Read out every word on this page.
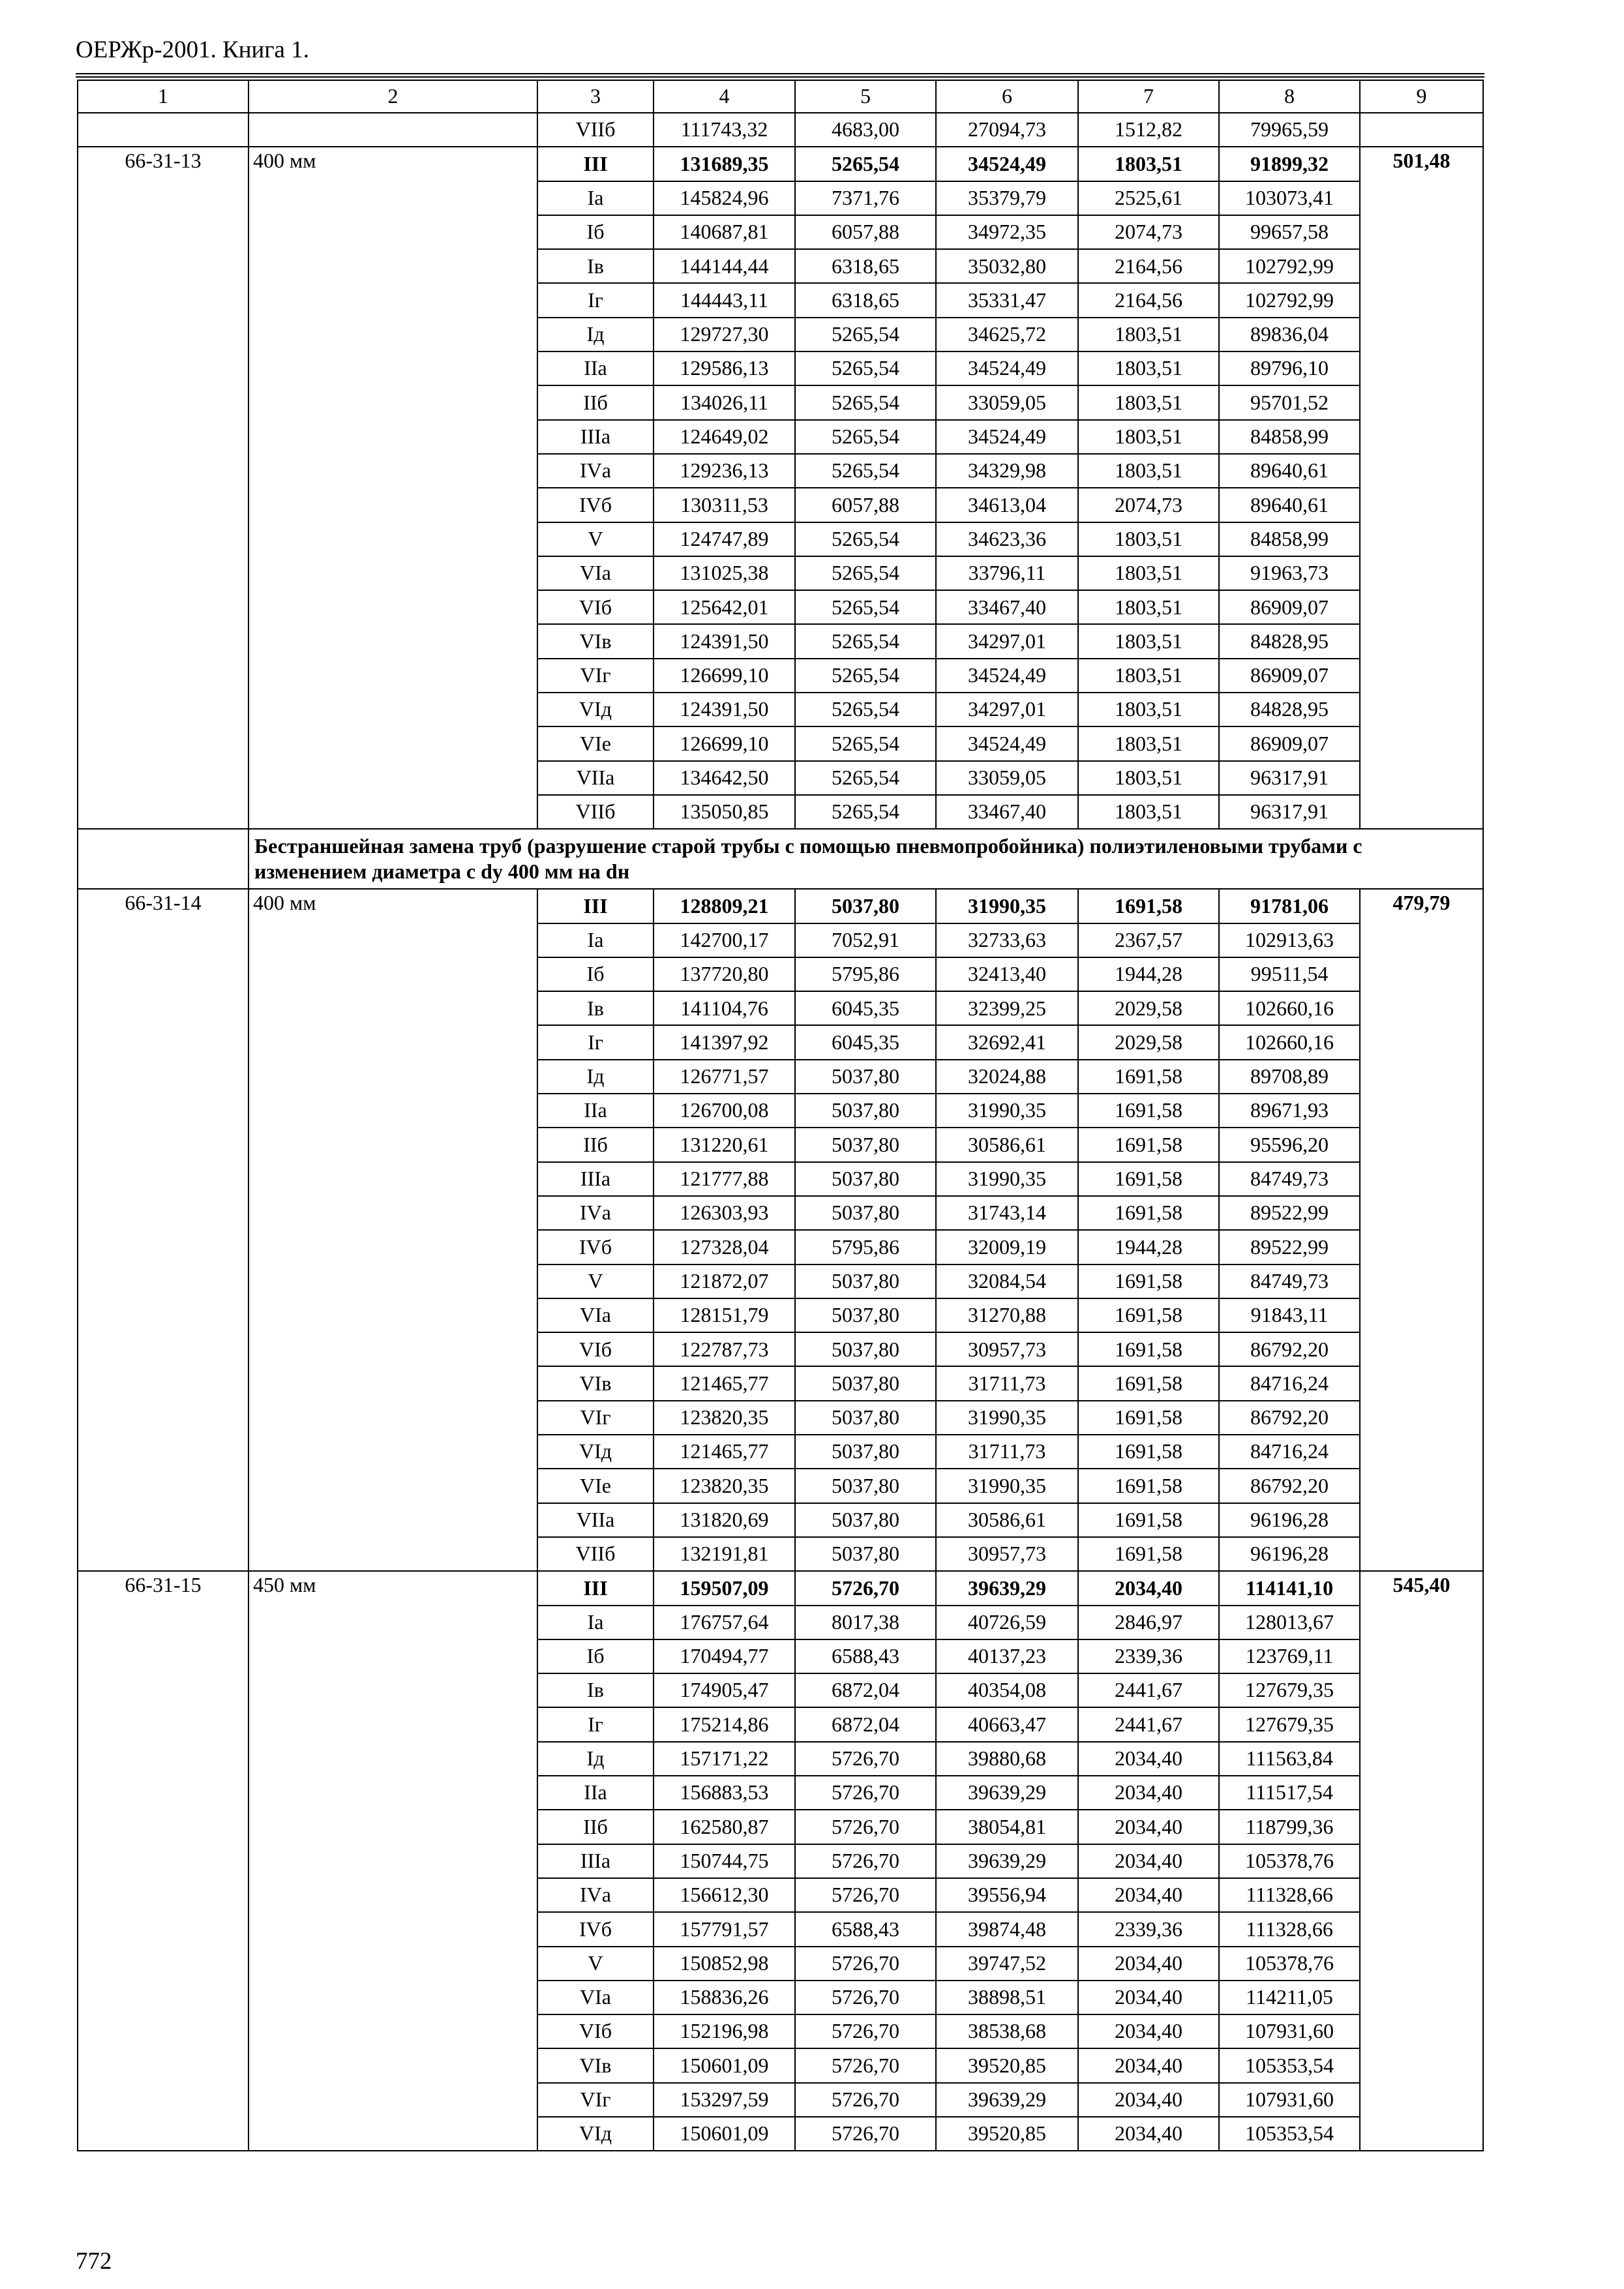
ОЕРЖр-2001. Книга 1.
1	2	3	4	5	6	7	8	9
		VIIб	111743,32	4683,00	27094,73	1512,82	79965,59	
66-31-13	400 мм	III	131689,35	5265,54	34524,49	1803,51	91899,32	501,48
		Iа	145824,96	7371,76	35379,79	2525,61	103073,41	
		Iб	140687,81	6057,88	34972,35	2074,73	99657,58	
		Iв	144144,44	6318,65	35032,80	2164,56	102792,99	
		Iг	144443,11	6318,65	35331,47	2164,56	102792,99	
		Iд	129727,30	5265,54	34625,72	1803,51	89836,04	
		IIа	129586,13	5265,54	34524,49	1803,51	89796,10	
		IIб	134026,11	5265,54	33059,05	1803,51	95701,52	
		IIIа	124649,02	5265,54	34524,49	1803,51	84858,99	
		IVа	129236,13	5265,54	34329,98	1803,51	89640,61	
		IVб	130311,53	6057,88	34613,04	2074,73	89640,61	
		V	124747,89	5265,54	34623,36	1803,51	84858,99	
		VIа	131025,38	5265,54	33796,11	1803,51	91963,73	
		VIб	125642,01	5265,54	33467,40	1803,51	86909,07	
		VIв	124391,50	5265,54	34297,01	1803,51	84828,95	
		VIг	126699,10	5265,54	34524,49	1803,51	86909,07	
		VIд	124391,50	5265,54	34297,01	1803,51	84828,95	
		VIе	126699,10	5265,54	34524,49	1803,51	86909,07	
		VIIа	134642,50	5265,54	33059,05	1803,51	96317,91	
		VIIб	135050,85	5265,54	33467,40	1803,51	96317,91	
	Бестраншейная замена труб (разрушение старой трубы с помощью пневмопробойника) полиэтиленовыми трубами с изменением диаметра с dy 400 мм на dн							
66-31-14	400 мм	III	128809,21	5037,80	31990,35	1691,58	91781,06	479,79
		Iа	142700,17	7052,91	32733,63	2367,57	102913,63	
		Iб	137720,80	5795,86	32413,40	1944,28	99511,54	
		Iв	141104,76	6045,35	32399,25	2029,58	102660,16	
		Iг	141397,92	6045,35	32692,41	2029,58	102660,16	
		Iд	126771,57	5037,80	32024,88	1691,58	89708,89	
		IIа	126700,08	5037,80	31990,35	1691,58	89671,93	
		IIб	131220,61	5037,80	30586,61	1691,58	95596,20	
		IIIа	121777,88	5037,80	31990,35	1691,58	84749,73	
		IVа	126303,93	5037,80	31743,14	1691,58	89522,99	
		IVб	127328,04	5795,86	32009,19	1944,28	89522,99	
		V	121872,07	5037,80	32084,54	1691,58	84749,73	
		VIа	128151,79	5037,80	31270,88	1691,58	91843,11	
		VIб	122787,73	5037,80	30957,73	1691,58	86792,20	
		VIв	121465,77	5037,80	31711,73	1691,58	84716,24	
		VIг	123820,35	5037,80	31990,35	1691,58	86792,20	
		VIд	121465,77	5037,80	31711,73	1691,58	84716,24	
		VIе	123820,35	5037,80	31990,35	1691,58	86792,20	
		VIIа	131820,69	5037,80	30586,61	1691,58	96196,28	
		VIIб	132191,81	5037,80	30957,73	1691,58	96196,28	
66-31-15	450 мм	III	159507,09	5726,70	39639,29	2034,40	114141,10	545,40
		Iа	176757,64	8017,38	40726,59	2846,97	128013,67	
		Iб	170494,77	6588,43	40137,23	2339,36	123769,11	
		Iв	174905,47	6872,04	40354,08	2441,67	127679,35	
		Iг	175214,86	6872,04	40663,47	2441,67	127679,35	
		Iд	157171,22	5726,70	39880,68	2034,40	111563,84	
		IIа	156883,53	5726,70	39639,29	2034,40	111517,54	
		IIб	162580,87	5726,70	38054,81	2034,40	118799,36	
		IIIа	150744,75	5726,70	39639,29	2034,40	105378,76	
		IVа	156612,30	5726,70	39556,94	2034,40	111328,66	
		IVб	157791,57	6588,43	39874,48	2339,36	111328,66	
		V	150852,98	5726,70	39747,52	2034,40	105378,76	
		VIа	158836,26	5726,70	38898,51	2034,40	114211,05	
		VIб	152196,98	5726,70	38538,68	2034,40	107931,60	
		VIв	150601,09	5726,70	39520,85	2034,40	105353,54	
		VIг	153297,59	5726,70	39639,29	2034,40	107931,60	
		VIд	150601,09	5726,70	39520,85	2034,40	105353,54	
772
